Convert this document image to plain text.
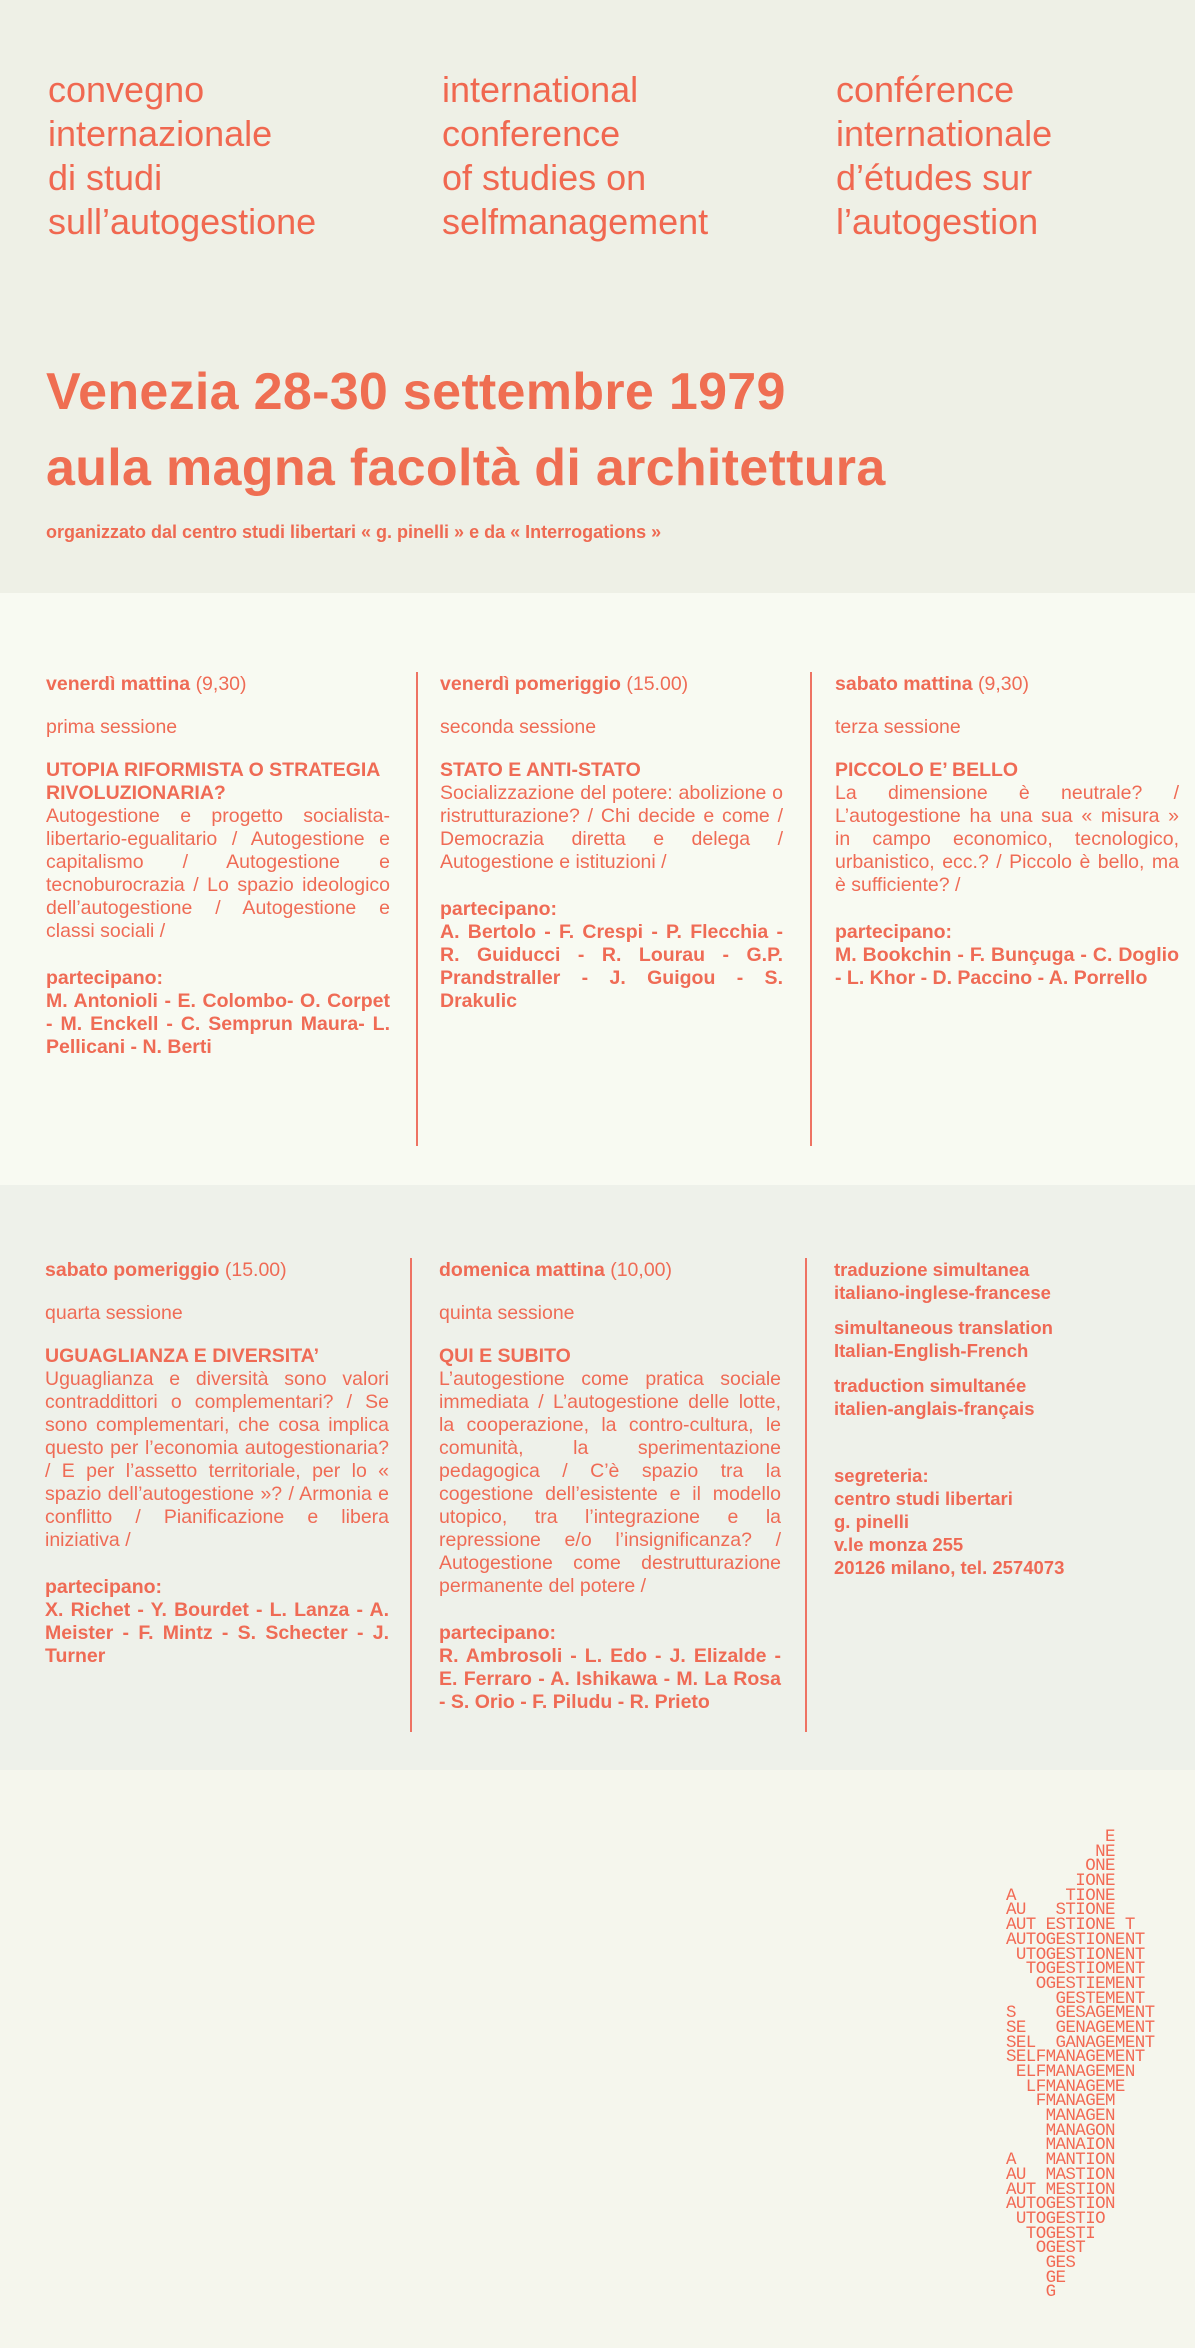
convegno
internazionale
di studi
sull’autogestione
international
conference
of studies on
selfmanagement
conférence
internationale
d’études sur
l’autogestion
Venezia 28-30 settembre 1979
aula magna facoltà di architettura
organizzato dal centro studi libertari « g. pinelli » e da « Interrogations »
venerdì mattina (9,30)
prima sessione
UTOPIA RIFORMISTA O STRATEGIA RIVOLUZIONARIA?
Autogestione e progetto socialista-libertario-egualitario / Autogestione e capitalismo / Autogestione e tecnoburocrazia / Lo spazio ideologico dell’autogestione / Autogestione e classi sociali /
partecipano:
M. Antonioli - E. Colombo- O. Corpet - M. Enckell - C. Semprun Maura- L. Pellicani - N. Berti
venerdì pomeriggio (15.00)
seconda sessione
STATO E ANTI-STATO
Socializzazione del potere: abolizione o ristrutturazione? / Chi decide e come / Democrazia diretta e delega / Autogestione e istituzioni /
partecipano:
A. Bertolo - F. Crespi - P. Flecchia - R. Guiducci - R. Lourau - G.P. Prandstraller - J. Guigou - S. Drakulic
sabato mattina (9,30)
terza sessione
PICCOLO E’ BELLO
La dimensione è neutrale? / L’autogestione ha una sua « misura » in campo economico, tecnologico, urbanistico, ecc.? / Piccolo è bello, ma è sufficiente? /
partecipano:
M. Bookchin - F. Bunçuga - C. Doglio - L. Khor - D. Paccino - A. Porrello
sabato pomeriggio (15.00)
quarta sessione
UGUAGLIANZA E DIVERSITA’
Uguaglianza e diversità sono valori contraddittori o complementari? / Se sono complementari, che cosa implica questo per l’economia autogestionaria? / E per l’assetto territoriale, per lo « spazio dell’autogestione »? / Armonia e conflitto / Pianificazione e libera iniziativa /
partecipano:
X. Richet - Y. Bourdet - L. Lanza - A. Meister - F. Mintz - S. Schecter - J. Turner
domenica mattina (10,00)
quinta sessione
QUI E SUBITO
L’autogestione come pratica sociale immediata / L’autogestione delle lotte, la cooperazione, la contro-cultura, le comunità, la sperimentazione pedagogica / C’è spazio tra la cogestione dell’esistente e il modello utopico, tra l’integrazione e la repressione e/o l’insignificanza? / Autogestione come destrutturazione permanente del potere /
partecipano:
R. Ambrosoli - L. Edo - J. Elizalde - E. Ferraro - A. Ishikawa - M. La Rosa - S. Orio - F. Piludu - R. Prieto
traduzione simultanea
italiano-inglese-francese
simultaneous translation
Italian-English-French
traduction simultanée
italien-anglais-français
segreteria:
centro studi libertari
g. pinelli
v.le monza 255
20126 milano, tel. 2574073
E
NE
ONE
IONE
A     TIONE
AU   STIONE
AUT ESTIONE T
AUTOGESTIONENT
UTOGESTIONENT
TOGESTIOMENT
OGESTIEMENT
GESTEMENT
S    GESAGEMENT
SE   GENAGEMENT
SEL  GANAGEMENT
SELFMANAGEMENT
ELFMANAGEMEN
LFMANAGEME
FMANAGEM
MANAGEN
MANAGON
MANAION
A   MANTION
AU  MASTION
AUT MESTION
AUTOGESTION
UTOGESTIO
TOGESTI
OGEST
GES
GE
G
